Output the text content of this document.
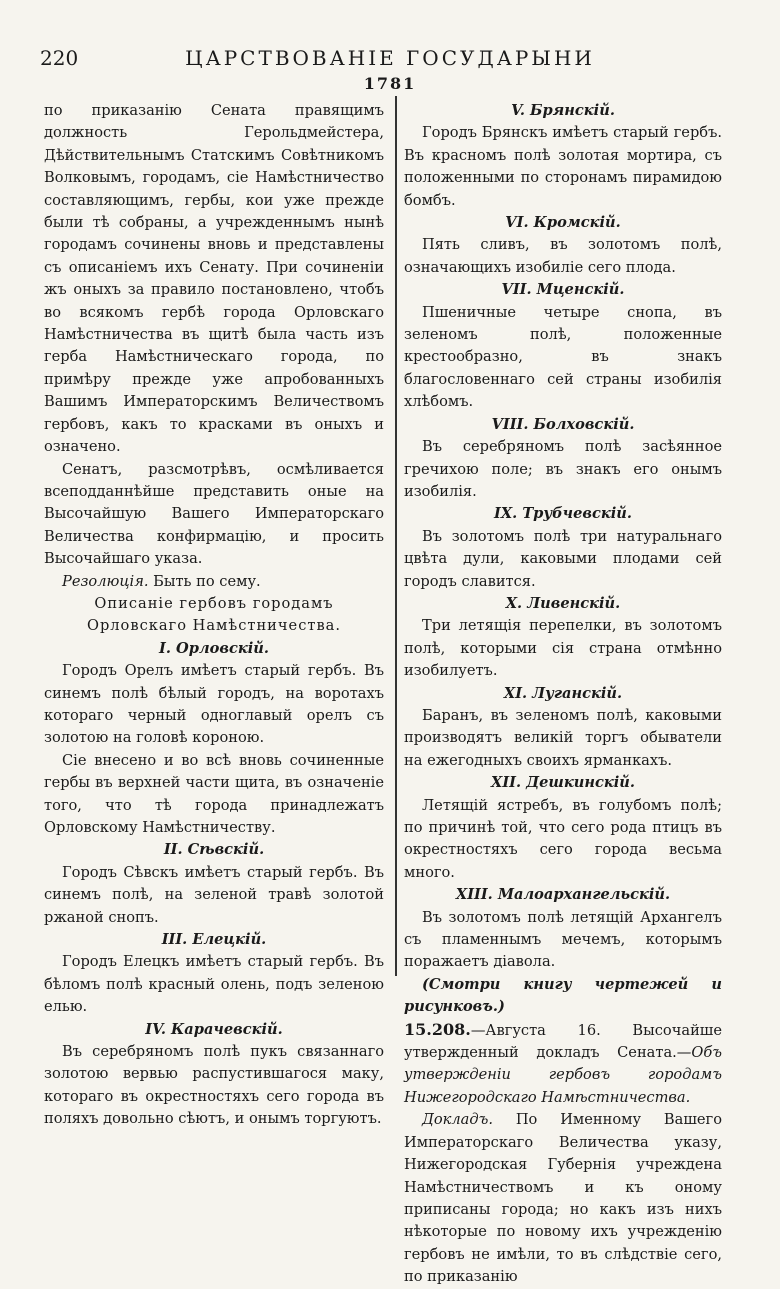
220	ЦАРСТВОВАНІЕ ГОСУДАРЫНИ
1781

по приказанію Сената правящимъ должность Герольдмейстера, Дѣйствительнымъ Статскимъ Совѣтникомъ Волковымъ, городамъ, сіе Намѣстничество составляющимъ, гербы, кои уже прежде были тѣ собраны, а учрежденнымъ нынѣ городамъ сочинены вновь и представлены съ описаніемъ ихъ Сенату. При сочиненіи жъ оныхъ за правило постановлено, чтобъ во всякомъ гербѣ города Орловскаго Намѣстничества въ щитѣ была часть изъ герба Намѣстническаго города, по примѣру прежде уже апробованныхъ Вашимъ Императорскимъ Величествомъ гербовъ, какъ то красками въ оныхъ и означено.

Сенатъ, разсмотрѣвъ, осмѣливается всеподданнѣйше представить оные на Высочайшую Вашего Императорскаго Величества конфирмацію, и просить Высочайшаго указа.

Резолюція. Быть по сему.

Описаніе гербовъ городамъ Орловскаго Намѣстничества.
I. Орловскій.

Городъ Орелъ имѣетъ старый гербъ. Въ синемъ полѣ бѣлый городъ, на воротахъ котораго черный одноглавый орелъ съ золотою на головѣ короною.

Сіе внесено и во всѣ вновь сочиненные гербы въ верхней части щита, въ означеніе того, что тѣ города принадлежатъ Орловскому Намѣстничеству.

II. Сѣвскій.

Городъ Сѣвскъ имѣетъ старый гербъ. Въ синемъ полѣ, на зеленой травѣ золотой ржаной снопъ.

III. Елецкій.

Городъ Елецкъ имѣетъ старый гербъ. Въ бѣломъ полѣ красный олень, подъ зеленою елью.

IV. Карачевскій.

Въ серебряномъ полѣ пукъ связаннаго золотою вервью распустившагося маку, котораго въ окрестностяхъ сего города въ поляхъ довольно сѣютъ, и онымъ торгуютъ.

V. Брянскій.

Городъ Брянскъ имѣетъ старый гербъ. Въ красномъ полѣ золотая мортира, съ положенными по сторонамъ пирамидою бомбъ.

VI. Кромскій.

Пять сливъ, въ золотомъ полѣ, означающихъ изобиліе сего плода.

VII. Мценскій.

Пшеничные четыре снопа, въ зеленомъ полѣ, положенные крестообразно, въ знакъ благословеннаго сей страны изобилія хлѣбомъ.

VIII. Болховскій.

Въ серебряномъ полѣ засѣянное гречихою поле; въ знакъ его онымъ изобилія.

IX. Трубчевскій.

Въ золотомъ полѣ три натуральнаго цвѣта дули, каковыми плодами сей городъ славится.

X. Ливенскій.

Три летящія перепелки, въ золотомъ полѣ, которыми сія страна отмѣнно изобилуетъ.

XI. Луганскій.

Баранъ, въ зеленомъ полѣ, каковыми производятъ великій торгъ обыватели на ежегодныхъ своихъ ярманкахъ.

XII. Дешкинскій.

Летящій ястребъ, въ голубомъ полѣ; по причинѣ той, что сего рода птицъ въ окрестностяхъ сего города весьма много.

XIII. Малоархангельскій.

Въ золотомъ полѣ летящій Архангелъ съ пламеннымъ мечемъ, которымъ поражаетъ діавола.

(Смотри книгу чертежей и рисунковъ.)

15.208.—Августа 16. Высочайше утвержденный докладъ Сената.—Объ утвержденіи гербовъ городамъ Нижегородскаго Намѣстничества.

Докладъ. По Именному Вашего Императорскаго Величества указу, Нижегородская Губернія учреждена Намѣстничествомъ и къ оному приписаны города; но какъ изъ нихъ нѣкоторые по новому ихъ учрежденію гербовъ не имѣли, то въ слѣдствіе сего, по приказанію
